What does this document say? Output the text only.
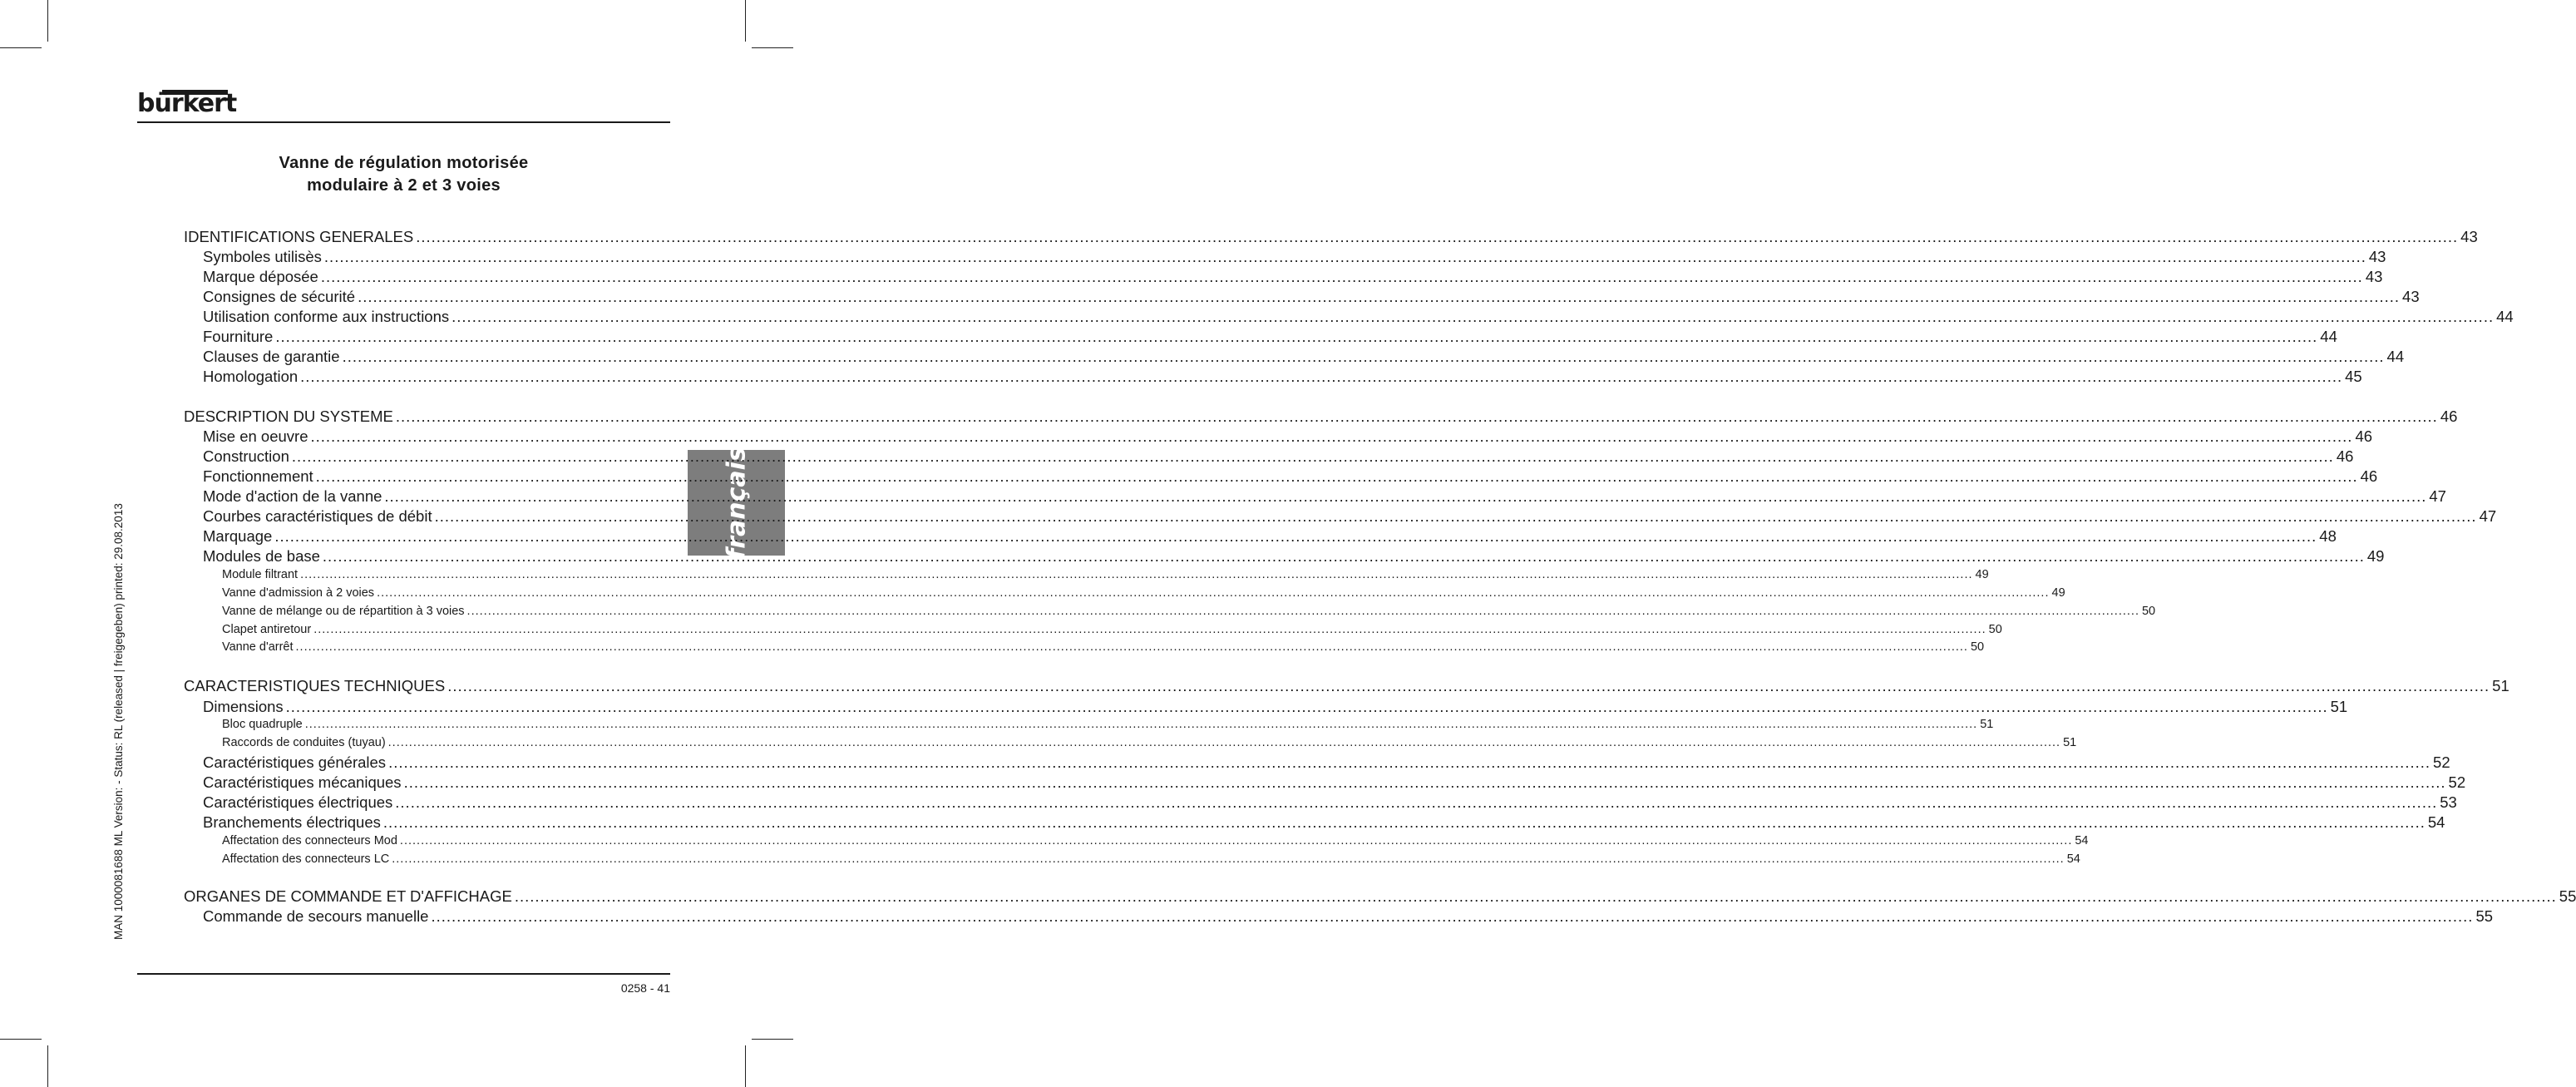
bürkert
Vanne de régulation motorisée
modulaire à 2 et 3 voies
MAN 1000081688 ML Version: - Status: RL (released | freigegeben) printed: 29.08.2013
français
IDENTIFICATIONS GENERALES ................................................................................................................................................................................................................................................................................................................................................................................................................ 43
Symboles utilisès ................................................................................................................................................................................................................................................................................................................................................................................................................ 43
Marque déposée ................................................................................................................................................................................................................................................................................................................................................................................................................ 43
Consignes de sécurité ................................................................................................................................................................................................................................................................................................................................................................................................................ 43
Utilisation conforme aux instructions ................................................................................................................................................................................................................................................................................................................................................................................................................ 44
Fourniture ................................................................................................................................................................................................................................................................................................................................................................................................................ 44
Clauses de garantie ................................................................................................................................................................................................................................................................................................................................................................................................................ 44
Homologation ................................................................................................................................................................................................................................................................................................................................................................................................................ 45
DESCRIPTION DU SYSTEME ................................................................................................................................................................................................................................................................................................................................................................................................................ 46
Mise en oeuvre ................................................................................................................................................................................................................................................................................................................................................................................................................ 46
Construction ................................................................................................................................................................................................................................................................................................................................................................................................................ 46
Fonctionnement ................................................................................................................................................................................................................................................................................................................................................................................................................ 46
Mode d'action de la vanne ................................................................................................................................................................................................................................................................................................................................................................................................................ 47
Courbes caractéristiques de débit ................................................................................................................................................................................................................................................................................................................................................................................................................ 47
Marquage ................................................................................................................................................................................................................................................................................................................................................................................................................ 48
Modules de base ................................................................................................................................................................................................................................................................................................................................................................................................................ 49
Module filtrant ................................................................................................................................................................................................................................................................................................................................................................................................................ 49
Vanne d'admission à 2 voies ................................................................................................................................................................................................................................................................................................................................................................................................................ 49
Vanne de mélange ou de répartition à 3 voies ................................................................................................................................................................................................................................................................................................................................................................................................................ 50
Clapet antiretour ................................................................................................................................................................................................................................................................................................................................................................................................................ 50
Vanne d'arrêt ................................................................................................................................................................................................................................................................................................................................................................................................................ 50
CARACTERISTIQUES TECHNIQUES ................................................................................................................................................................................................................................................................................................................................................................................................................ 51
Dimensions ................................................................................................................................................................................................................................................................................................................................................................................................................ 51
Bloc quadruple ................................................................................................................................................................................................................................................................................................................................................................................................................ 51
Raccords de conduites (tuyau) ................................................................................................................................................................................................................................................................................................................................................................................................................ 51
Caractéristiques générales ................................................................................................................................................................................................................................................................................................................................................................................................................ 52
Caractéristiques mécaniques ................................................................................................................................................................................................................................................................................................................................................................................................................ 52
Caractéristiques électriques ................................................................................................................................................................................................................................................................................................................................................................................................................ 53
Branchements électriques ................................................................................................................................................................................................................................................................................................................................................................................................................ 54
Affectation des connecteurs Mod ................................................................................................................................................................................................................................................................................................................................................................................................................ 54
Affectation des connecteurs LC ................................................................................................................................................................................................................................................................................................................................................................................................................ 54
ORGANES DE COMMANDE ET D'AFFICHAGE ................................................................................................................................................................................................................................................................................................................................................................................................................ 55
Commande de secours manuelle ................................................................................................................................................................................................................................................................................................................................................................................................................ 55
0258 - 41
